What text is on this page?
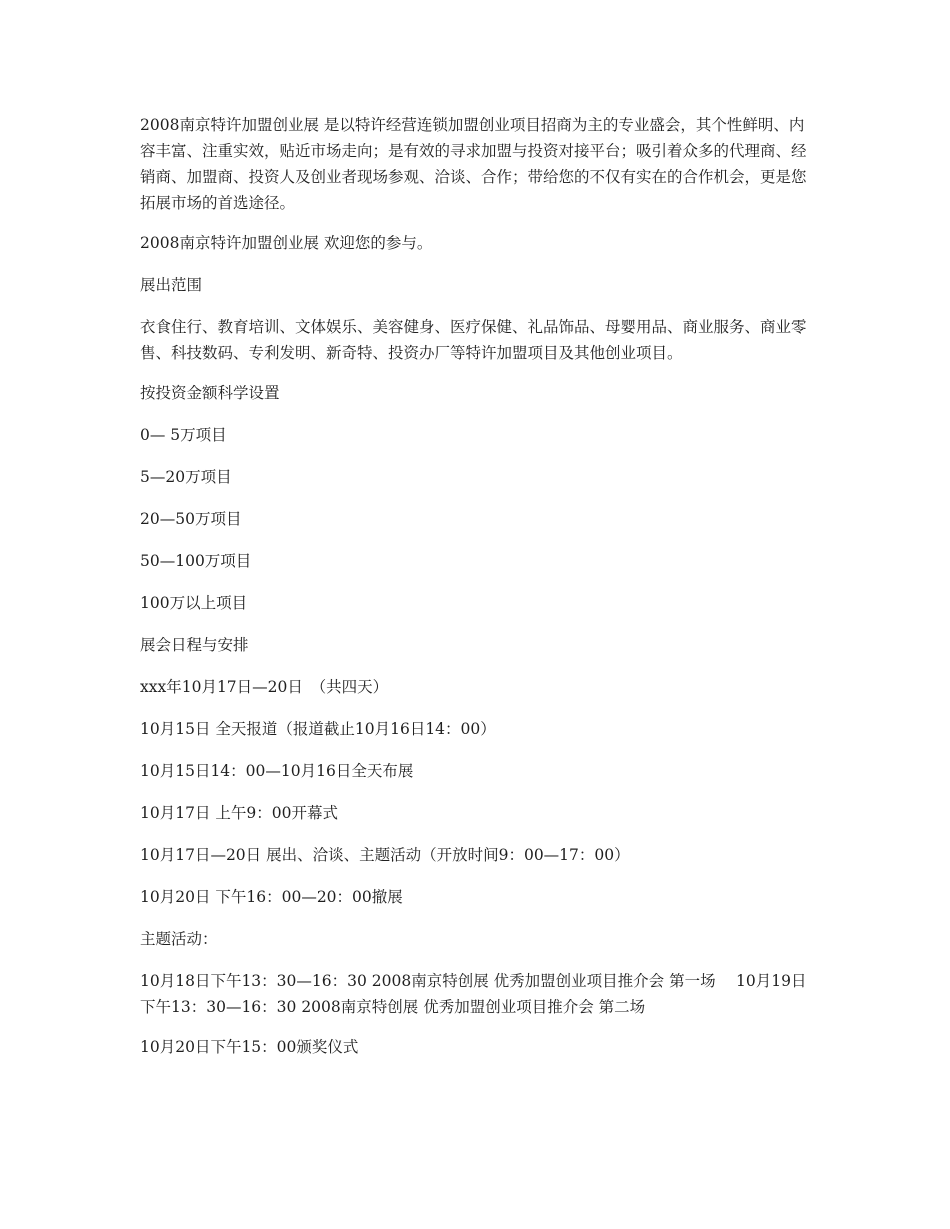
2008南京特许加盟创业展 是以特许经营连锁加盟创业项目招商为主的专业盛会，其个性鲜明、内容丰富、注重实效，贴近市场走向；是有效的寻求加盟与投资对接平台；吸引着众多的代理商、经销商、加盟商、投资人及创业者现场参观、洽谈、合作；带给您的不仅有实在的合作机会，更是您拓展市场的首选途径。

2008南京特许加盟创业展 欢迎您的参与。

展出范围

衣食住行、教育培训、文体娱乐、美容健身、医疗保健、礼品饰品、母婴用品、商业服务、商业零售、科技数码、专利发明、新奇特、投资办厂等特许加盟项目及其他创业项目。

按投资金额科学设置

0— 5万项目

5—20万项目

20—50万项目

50—100万项目

100万以上项目

展会日程与安排

xxx年10月17日—20日　（共四天）

10月15日 全天报道（报道截止10月16日14：00）

10月15日14：00—10月16日全天布展

10月17日 上午9：00开幕式

10月17日—20日 展出、洽谈、主题活动（开放时间9：00—17：00）

10月20日 下午16：00—20：00撤展

主题活动：

10月18日下午13：30—16：30 2008南京特创展 优秀加盟创业项目推介会 第一场　 10月19日下午13：30—16：30 2008南京特创展 优秀加盟创业项目推介会 第二场

10月20日下午15：00颁奖仪式
